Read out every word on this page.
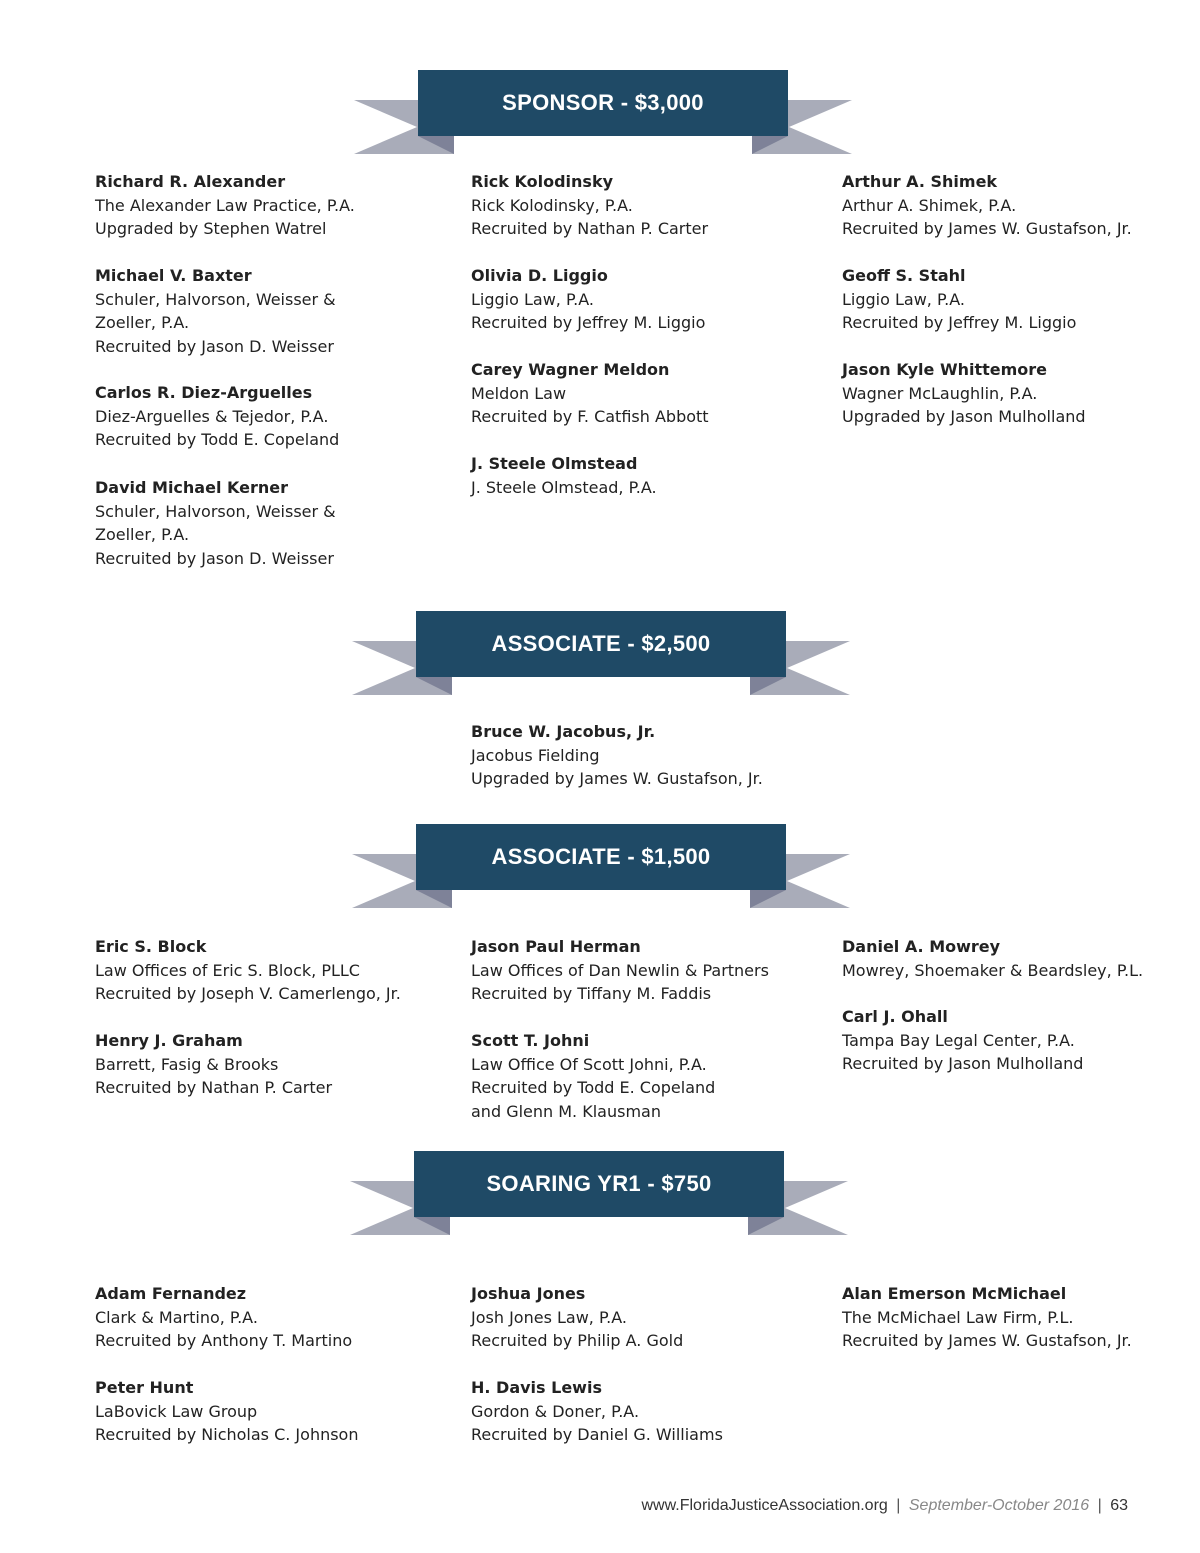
SPONSOR - $3,000
Richard R. Alexander
The Alexander Law Practice, P.A.
Upgraded by Stephen Watrel
Michael V. Baxter
Schuler, Halvorson, Weisser &
Zoeller, P.A.
Recruited by Jason D. Weisser
Carlos R. Diez-Arguelles
Diez-Arguelles & Tejedor, P.A.
Recruited by Todd E. Copeland
David Michael Kerner
Schuler, Halvorson, Weisser &
Zoeller, P.A.
Recruited by Jason D. Weisser
Rick Kolodinsky
Rick Kolodinsky, P.A.
Recruited by Nathan P. Carter
Olivia D. Liggio
Liggio Law, P.A.
Recruited by Jeffrey M. Liggio
Carey Wagner Meldon
Meldon Law
Recruited by F. Catfish Abbott
J. Steele Olmstead
J. Steele Olmstead, P.A.
Arthur A. Shimek
Arthur A. Shimek, P.A.
Recruited by James W. Gustafson, Jr.
Geoff S. Stahl
Liggio Law, P.A.
Recruited by Jeffrey M. Liggio
Jason Kyle Whittemore
Wagner McLaughlin, P.A.
Upgraded by Jason Mulholland
ASSOCIATE - $2,500
Bruce W. Jacobus, Jr.
Jacobus Fielding
Upgraded by James W. Gustafson, Jr.
ASSOCIATE - $1,500
Eric S. Block
Law Offices of Eric S. Block, PLLC
Recruited by Joseph V. Camerlengo, Jr.
Henry J. Graham
Barrett, Fasig & Brooks
Recruited by Nathan P. Carter
Jason Paul Herman
Law Offices of Dan Newlin & Partners
Recruited by Tiffany M. Faddis
Scott T. Johni
Law Office Of Scott Johni, P.A.
Recruited by Todd E. Copeland
and Glenn M. Klausman
Daniel A. Mowrey
Mowrey, Shoemaker & Beardsley, P.L.
Carl J. Ohall
Tampa Bay Legal Center, P.A.
Recruited by Jason Mulholland
SOARING YR1 - $750
Adam Fernandez
Clark & Martino, P.A.
Recruited by Anthony T. Martino
Peter Hunt
LaBovick Law Group
Recruited by Nicholas C. Johnson
Joshua Jones
Josh Jones Law, P.A.
Recruited by Philip A. Gold
H. Davis Lewis
Gordon & Doner, P.A.
Recruited by Daniel G. Williams
Alan Emerson McMichael
The McMichael Law Firm, P.L.
Recruited by James W. Gustafson, Jr.
www.FloridaJusticeAssociation.org | September-October 2016 | 63
